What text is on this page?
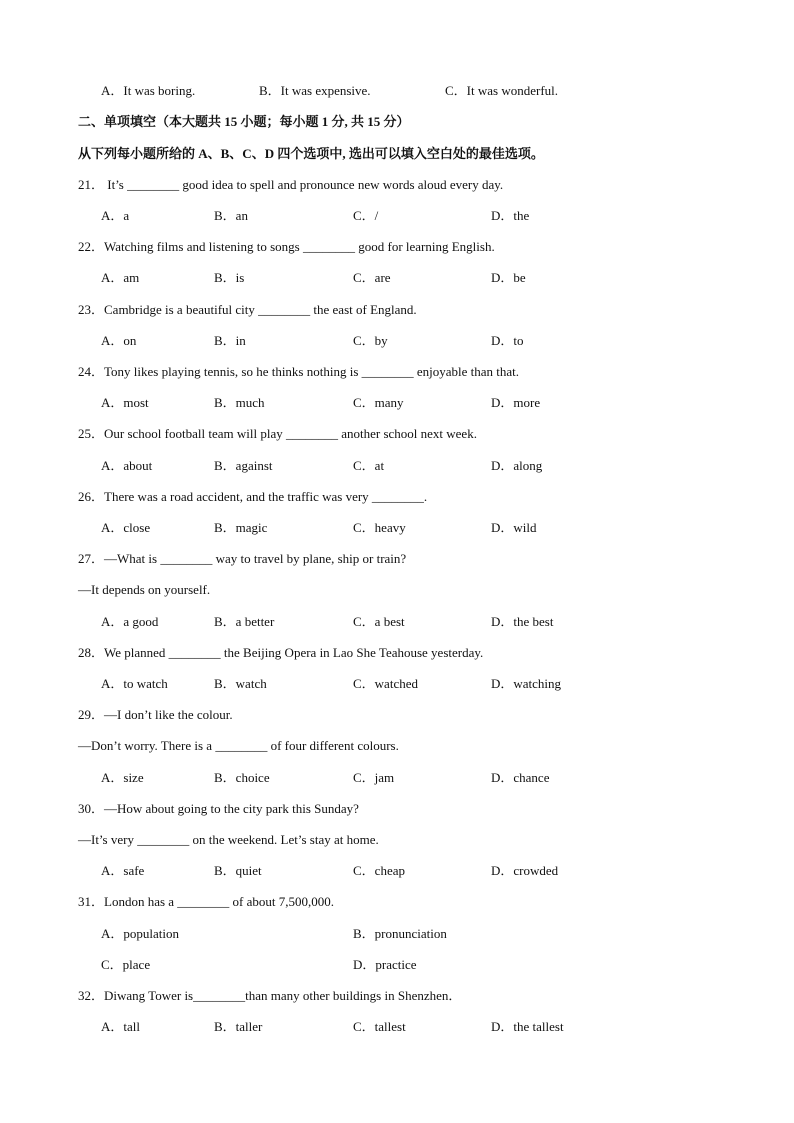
A．It was boring.	B．It was expensive.	C．It was wonderful.
二、单项填空（本大题共 15 小题；每小题 1 分, 共 15 分）
从下列每小题所给的 A、B、C、D 四个选项中, 选出可以填入空白处的最佳选项。
21． It’s ________ good idea to spell and pronounce new words aloud every day.
A．a	B．an	C．/	D．the
22．Watching films and listening to songs ________ good for learning English.
A．am	B．is	C．are	D．be
23．Cambridge is a beautiful city ________ the east of England.
A．on	B．in	C．by	D．to
24．Tony likes playing tennis, so he thinks nothing is ________ enjoyable than that.
A．most	B．much	C．many	D．more
25．Our school football team will play ________ another school next week.
A．about	B．against	C．at	D．along
26．There was a road accident, and the traffic was very ________.
A．close	B．magic	C．heavy	D．wild
27．—What is ________ way to travel by plane, ship or train?
—It depends on yourself.
A．a good	B．a better	C．a best	D．the best
28．We planned ________ the Beijing Opera in Lao She Teahouse yesterday.
A．to watch	B．watch	C．watched	D．watching
29．—I don’t like the colour.
—Don’t worry. There is a ________ of four different colours.
A．size	B．choice	C．jam	D．chance
30．—How about going to the city park this Sunday?
—It’s very ________ on the weekend. Let’s stay at home.
A．safe	B．quiet	C．cheap	D．crowded
31．London has a ________ of about 7,500,000.
A．population	B．pronunciation
C．place	D．practice
32．Diwang Tower is________than many other buildings in Shenzhen．
A．tall	B．taller	C．tallest	D．the tallest
